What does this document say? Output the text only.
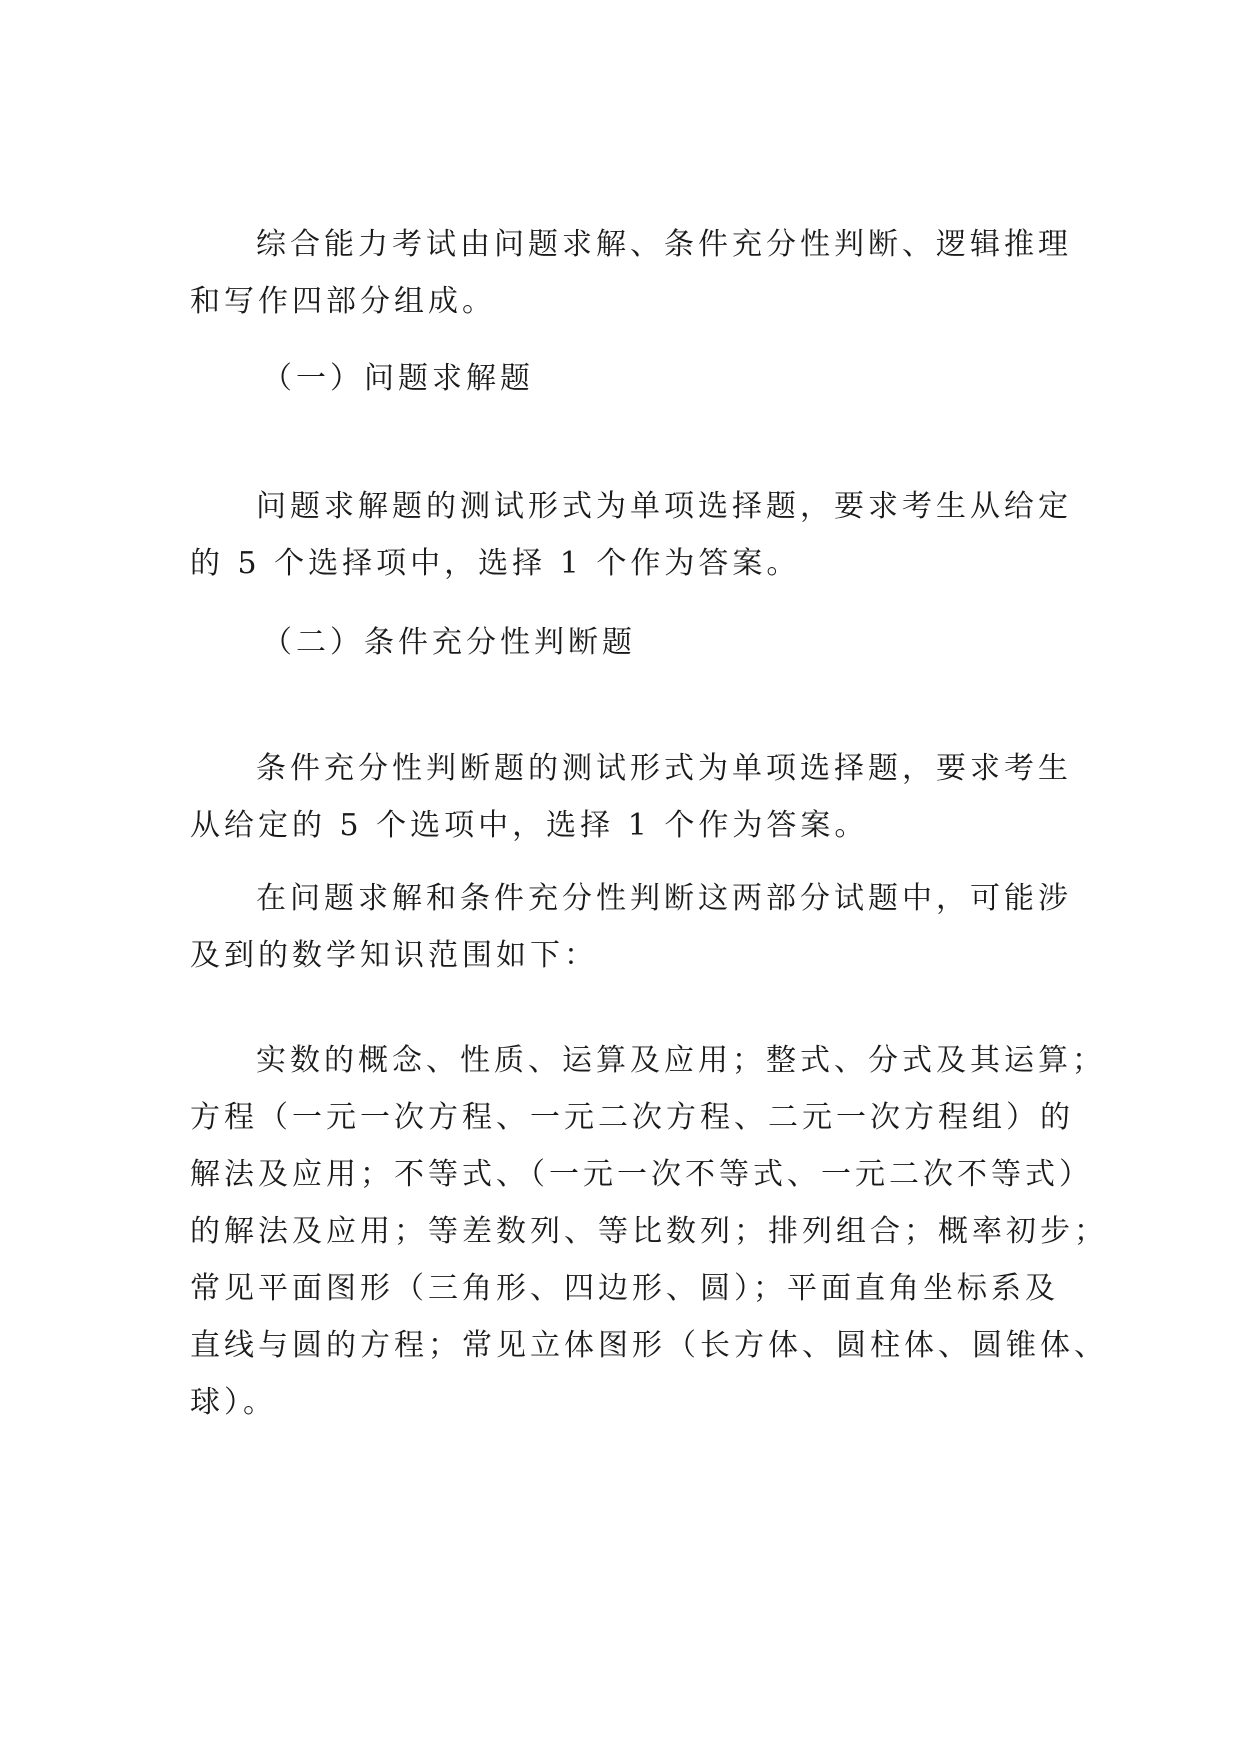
综合能力考试由问题求解、条件充分性判断、逻辑推理
和写作四部分组成。
（一）问题求解题
问题求解题的测试形式为单项选择题，要求考生从给定
的 5 个选择项中，选择 1 个作为答案。
（二）条件充分性判断题
条件充分性判断题的测试形式为单项选择题，要求考生
从给定的 5 个选项中，选择 1 个作为答案。
在问题求解和条件充分性判断这两部分试题中，可能涉
及到的数学知识范围如下：
实数的概念、性质、运算及应用；整式、分式及其运算；
方程（一元一次方程、一元二次方程、二元一次方程组）的
解法及应用；不等式、（一元一次不等式、一元二次不等式）
的解法及应用；等差数列、等比数列；排列组合；概率初步；
常见平面图形（三角形、四边形、圆）；平面直角坐标系及
直线与圆的方程；常见立体图形（长方体、圆柱体、圆锥体、
球）。
